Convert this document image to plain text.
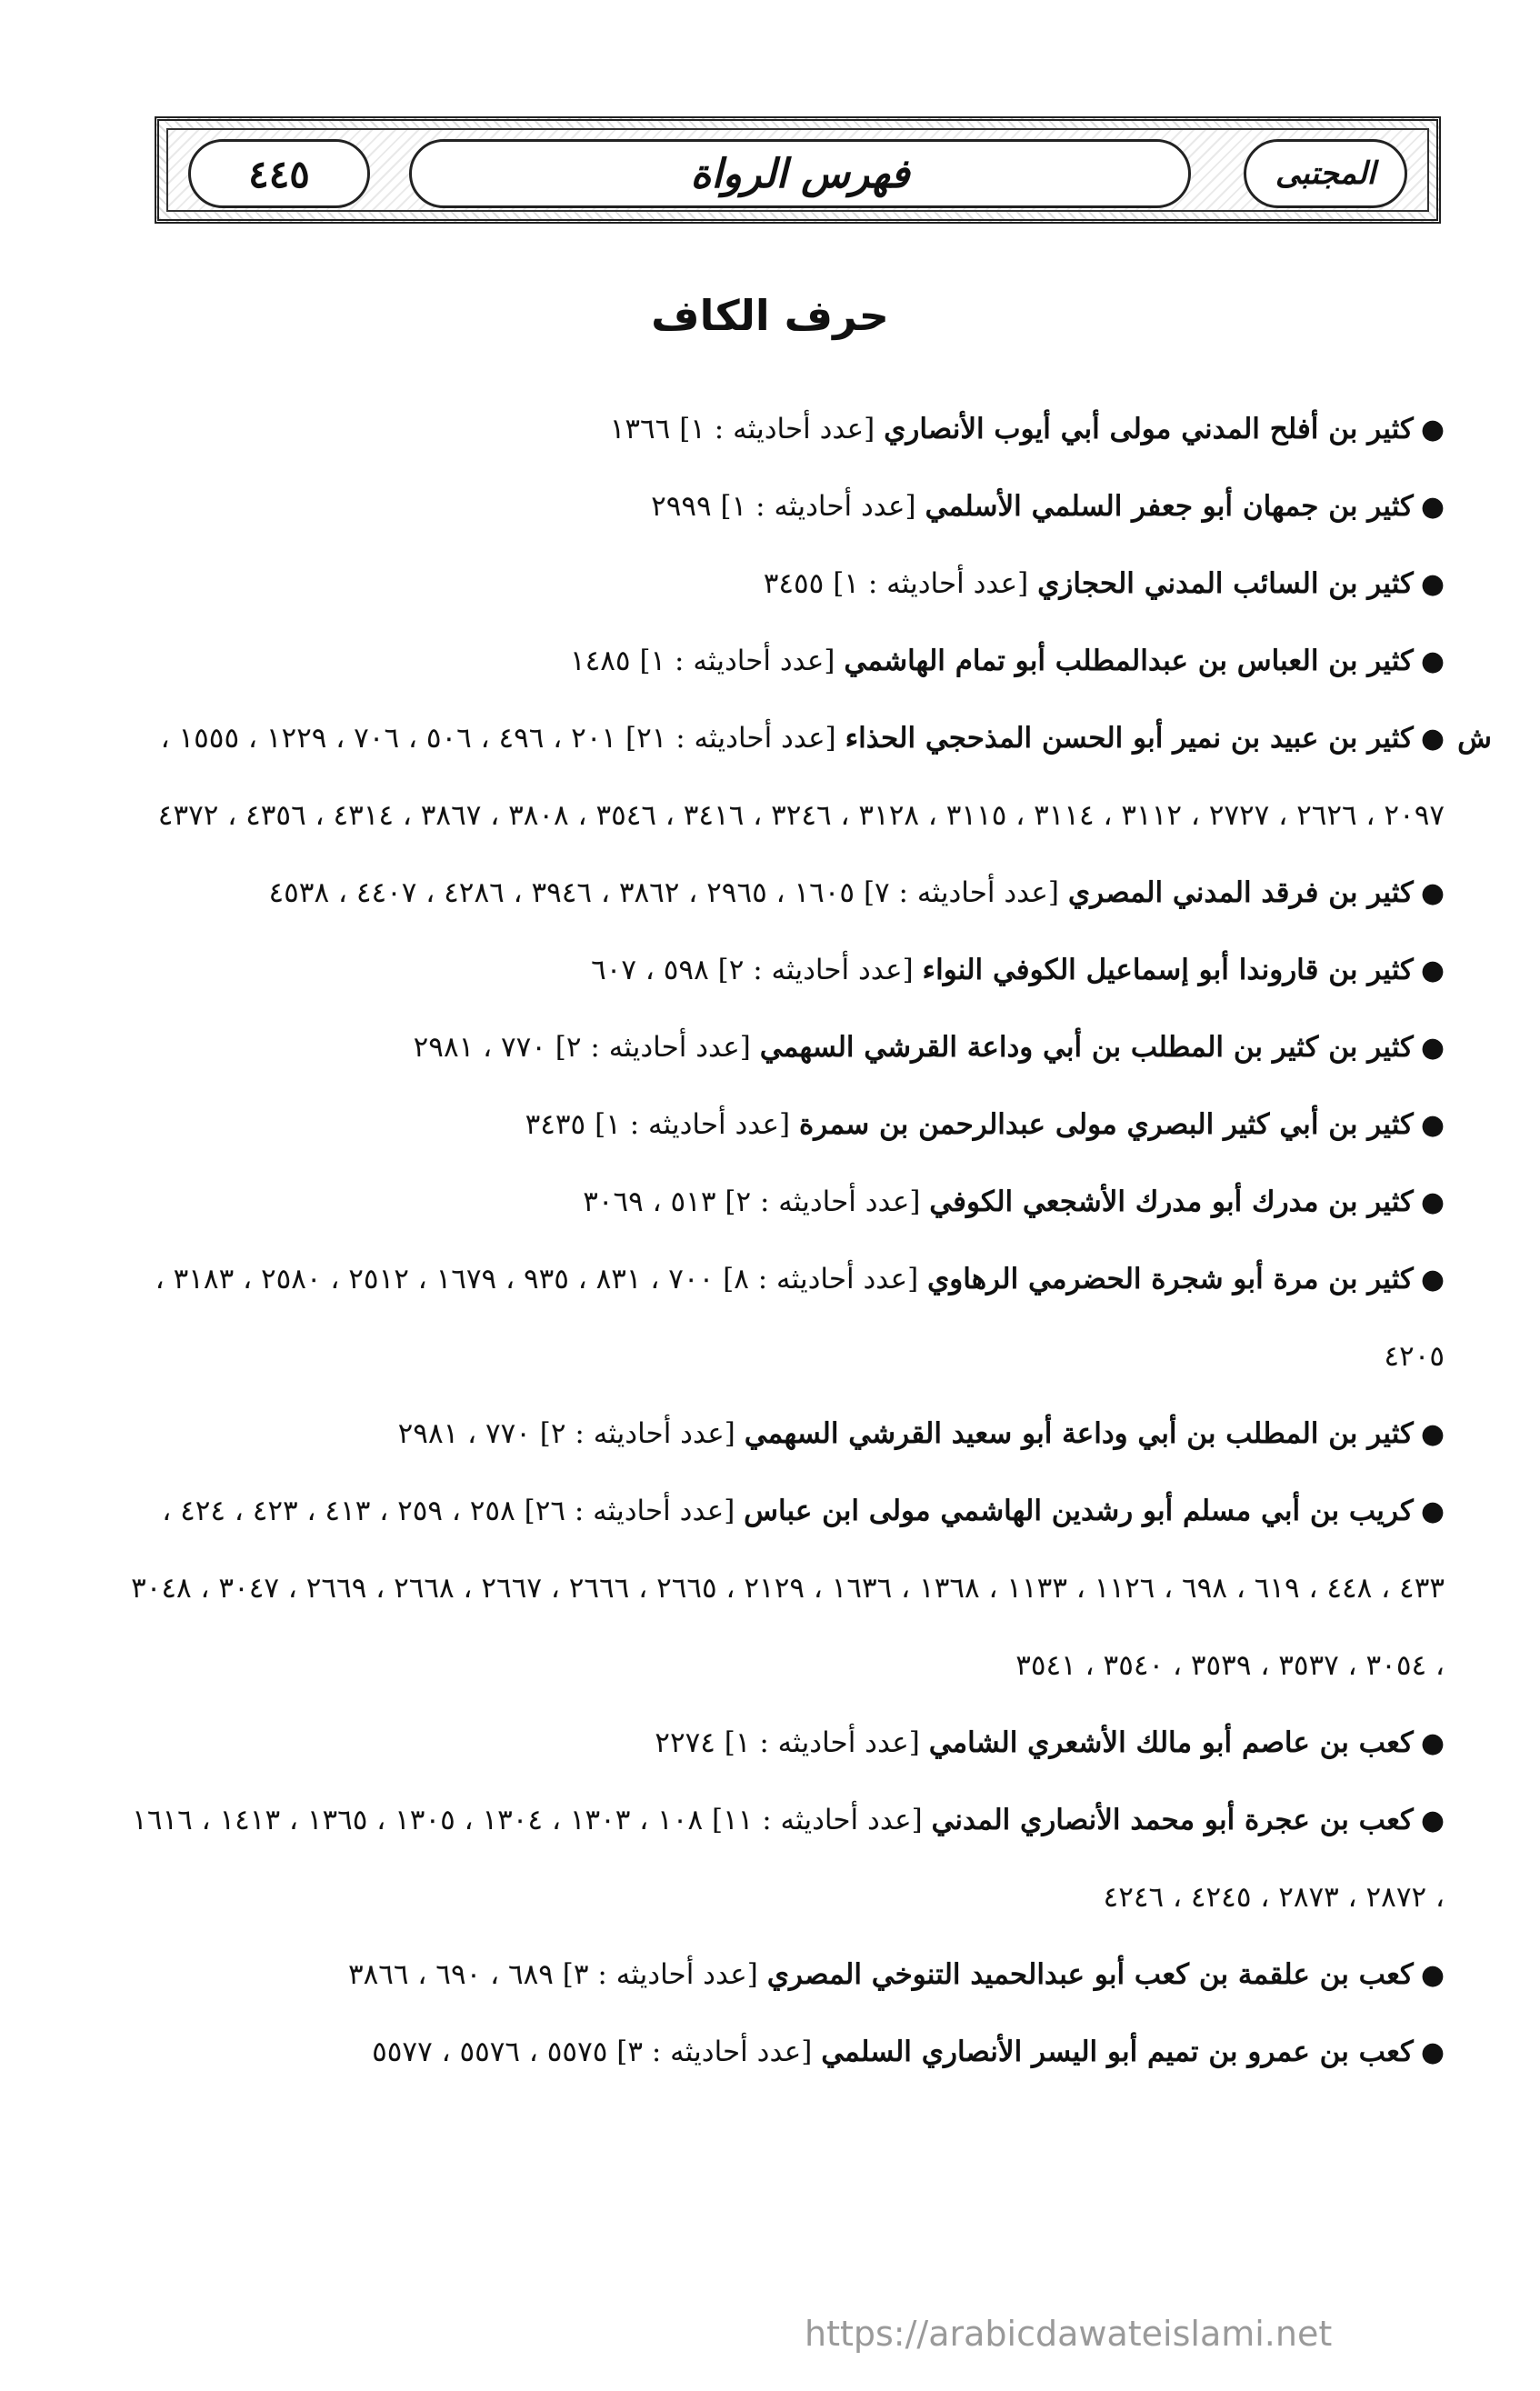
٤٤٥	فهرس الرواة	المجتبى
حرف الكاف

●كثير بن أفلح المدني مولى أبي أيوب الأنصاري [عدد أحاديثه : ١] ١٣٦٦

●كثير بن جمهان أبو جعفر السلمي الأسلمي [عدد أحاديثه : ١] ٢٩٩٩

●كثير بن السائب المدني الحجازي [عدد أحاديثه : ١] ٣٤٥٥

●كثير بن العباس بن عبدالمطلب أبو تمام الهاشمي [عدد أحاديثه : ١] ١٤٨٥

ش
●كثير بن عبيد بن نمير أبو الحسن المذحجي الحذاء [عدد أحاديثه : ٢١] ٢٠١ ، ٤٩٦ ، ٥٠٦ ، ٧٠٦ ، ١٢٢٩ ، ١٥٥٥ ، ٢٠٩٧ ، ٢٦٢٦ ، ٢٧٢٧ ، ٣١١٢ ، ٣١١٤ ، ٣١١٥ ، ٣١٢٨ ، ٣٢٤٦ ، ٣٤١٦ ، ٣٥٤٦ ، ٣٨٠٨ ، ٣٨٦٧ ، ٤٣١٤ ، ٤٣٥٦ ، ٤٣٧٢

●كثير بن فرقد المدني المصري [عدد أحاديثه : ٧] ١٦٠٥ ، ٢٩٦٥ ، ٣٨٦٢ ، ٣٩٤٦ ، ٤٢٨٦ ، ٤٤٠٧ ، ٤٥٣٨

●كثير بن قاروندا أبو إسماعيل الكوفي النواء [عدد أحاديثه : ٢] ٥٩٨ ، ٦٠٧

●كثير بن كثير بن المطلب بن أبي وداعة القرشي السهمي [عدد أحاديثه : ٢] ٧٧٠ ، ٢٩٨١

●كثير بن أبي كثير البصري مولى عبدالرحمن بن سمرة [عدد أحاديثه : ١] ٣٤٣٥

●كثير بن مدرك أبو مدرك الأشجعي الكوفي [عدد أحاديثه : ٢] ٥١٣ ، ٣٠٦٩

●كثير بن مرة أبو شجرة الحضرمي الرهاوي [عدد أحاديثه : ٨] ٧٠٠ ، ٨٣١ ، ٩٣٥ ، ١٦٧٩ ، ٢٥١٢ ، ٢٥٨٠ ، ٣١٨٣ ، ٤٢٠٥

●كثير بن المطلب بن أبي وداعة أبو سعيد القرشي السهمي [عدد أحاديثه : ٢] ٧٧٠ ، ٢٩٨١

●كريب بن أبي مسلم أبو رشدين الهاشمي مولى ابن عباس [عدد أحاديثه : ٢٦] ٢٥٨ ، ٢٥٩ ، ٤١٣ ، ٤٢٣ ، ٤٢٤ ، ٤٣٣ ، ٤٤٨ ، ٦١٩ ، ٦٩٨ ، ١١٢٦ ، ١١٣٣ ، ١٣٦٨ ، ١٦٣٦ ، ٢١٢٩ ، ٢٦٦٥ ، ٢٦٦٦ ، ٢٦٦٧ ، ٢٦٦٨ ، ٢٦٦٩ ، ٣٠٤٧ ، ٣٠٤٨ ، ٣٠٥٤ ، ٣٥٣٧ ، ٣٥٣٩ ، ٣٥٤٠ ، ٣٥٤١

●كعب بن عاصم أبو مالك الأشعري الشامي [عدد أحاديثه : ١] ٢٢٧٤

●كعب بن عجرة أبو محمد الأنصاري المدني [عدد أحاديثه : ١١] ١٠٨ ، ١٣٠٣ ، ١٣٠٤ ، ١٣٠٥ ، ١٣٦٥ ، ١٤١٣ ، ١٦١٦ ، ٢٨٧٢ ، ٢٨٧٣ ، ٤٢٤٥ ، ٤٢٤٦

●كعب بن علقمة بن كعب أبو عبدالحميد التنوخي المصري [عدد أحاديثه : ٣] ٦٨٩ ، ٦٩٠ ، ٣٨٦٦

●كعب بن عمرو بن تميم أبو اليسر الأنصاري السلمي [عدد أحاديثه : ٣] ٥٥٧٥ ، ٥٥٧٦ ، ٥٥٧٧

https://arabicdawateislami.net
